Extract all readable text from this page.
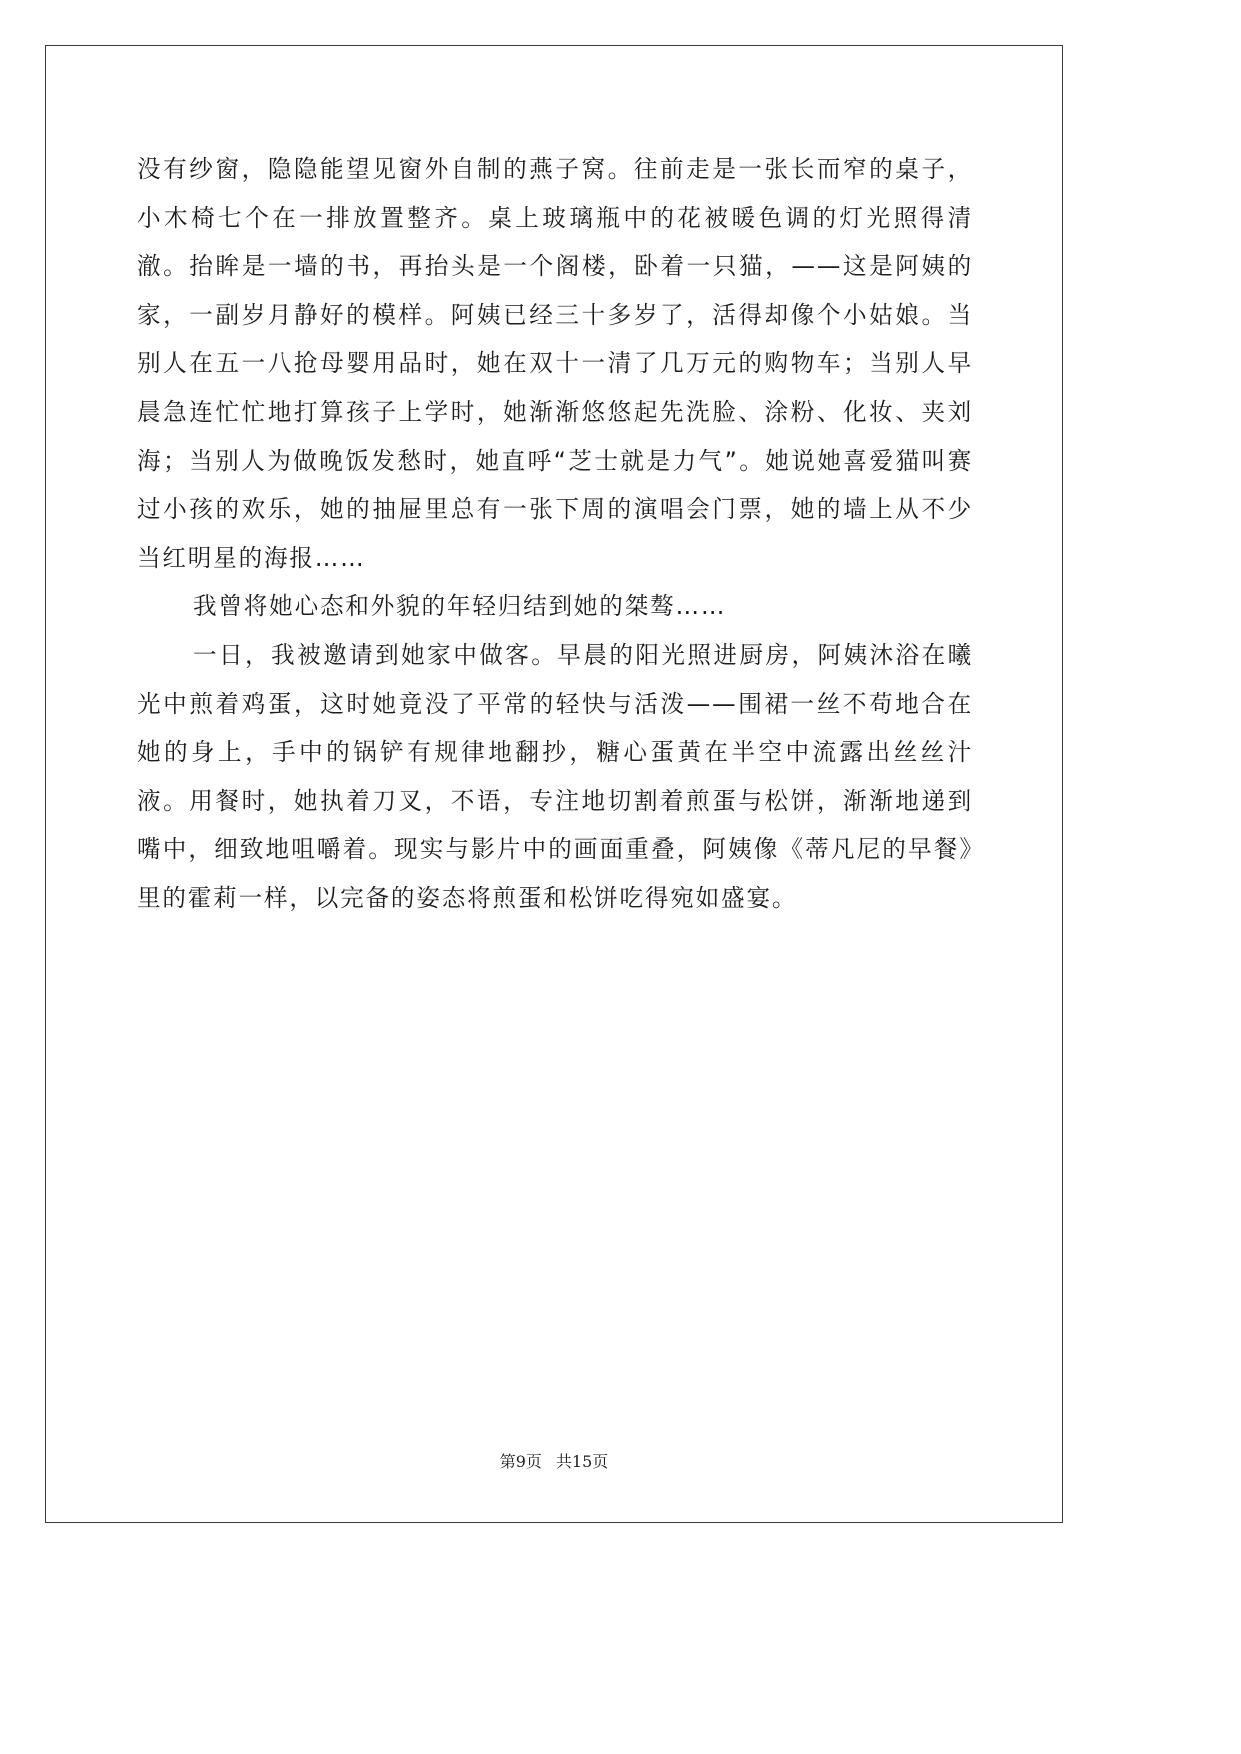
没有纱窗，隐隐能望见窗外自制的燕子窝。往前走是一张长而窄的桌子，小木椅七个在一排放置整齐。桌上玻璃瓶中的花被暖色调的灯光照得清澈。抬眸是一墙的书，再抬头是一个阁楼，卧着一只猫，——这是阿姨的家，一副岁月静好的模样。阿姨已经三十多岁了，活得却像个小姑娘。当别人在五一八抢母婴用品时，她在双十一清了几万元的购物车；当别人早晨急连忙忙地打算孩子上学时，她渐渐悠悠起先洗脸、涂粉、化妆、夹刘海；当别人为做晚饭发愁时，她直呼“芝士就是力气”。她说她喜爱猫叫赛过小孩的欢乐，她的抽屉里总有一张下周的演唱会门票，她的墙上从不少当红明星的海报……

我曾将她心态和外貌的年轻归结到她的桀骜……

一日，我被邀请到她家中做客。早晨的阳光照进厨房，阿姨沐浴在曦光中煎着鸡蛋，这时她竟没了平常的轻快与活泼——围裙一丝不苟地合在她的身上，手中的锅铲有规律地翻抄，糖心蛋黄在半空中流露出丝丝汁液。用餐时，她执着刀叉，不语，专注地切割着煎蛋与松饼，渐渐地递到嘴中，细致地咀嚼着。现实与影片中的画面重叠，阿姨像《蒂凡尼的早餐》里的霍莉一样，以完备的姿态将煎蛋和松饼吃得宛如盛宴。

第9页 共15页
